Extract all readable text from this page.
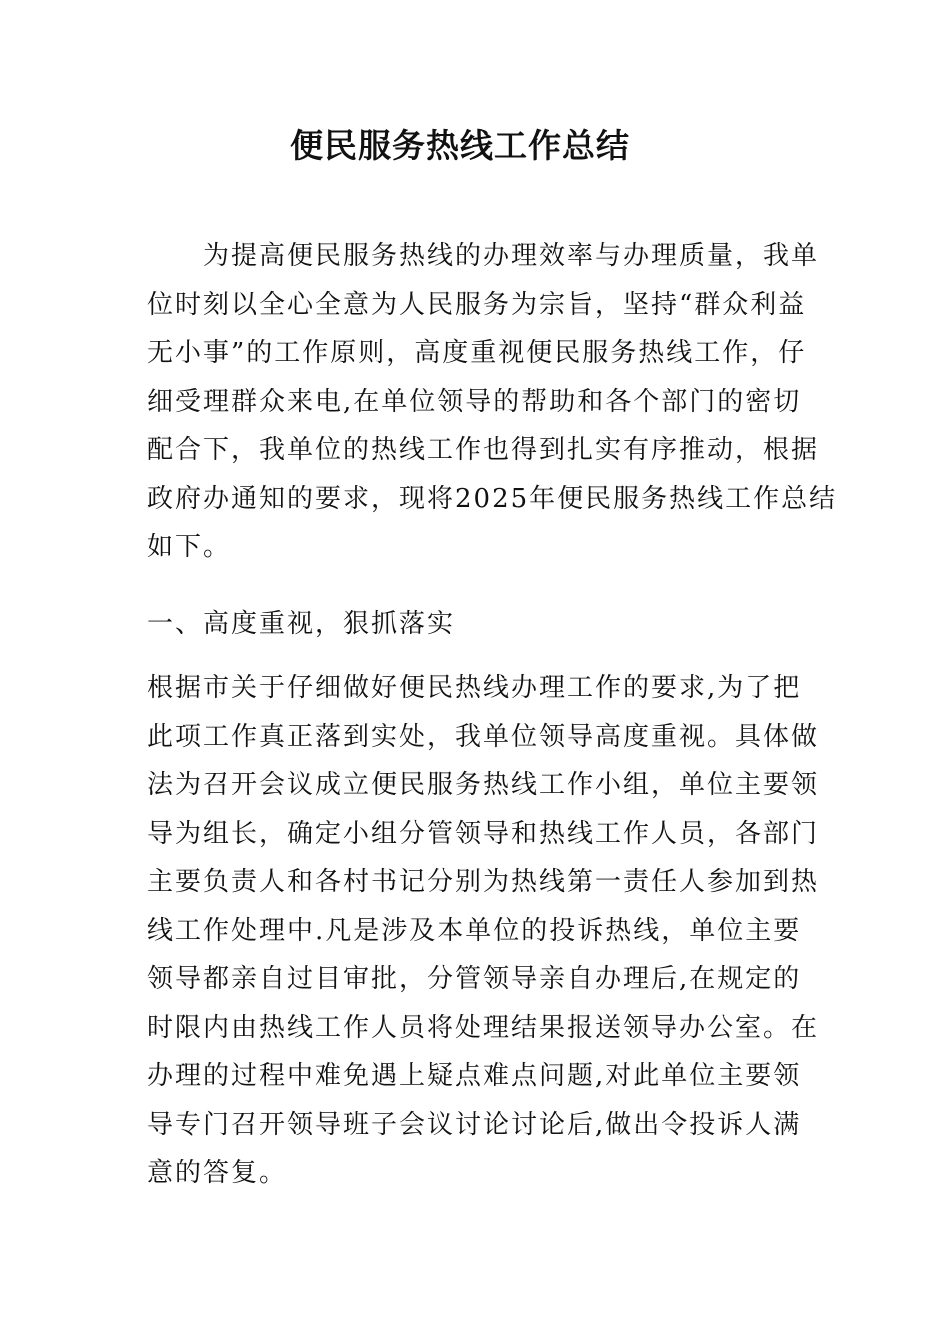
便民服务热线工作总结
　　为提高便民服务热线的办理效率与办理质量，我单
位时刻以全心全意为人民服务为宗旨，坚持“群众利益
无小事”的工作原则，高度重视便民服务热线工作，仔
细受理群众来电,在单位领导的帮助和各个部门的密切
配合下，我单位的热线工作也得到扎实有序推动，根据
政府办通知的要求，现将2025年便民服务热线工作总结
如下。
一、高度重视，狠抓落实
根据市关于仔细做好便民热线办理工作的要求,为了把
此项工作真正落到实处，我单位领导高度重视。具体做
法为召开会议成立便民服务热线工作小组，单位主要领
导为组长，确定小组分管领导和热线工作人员，各部门
主要负责人和各村书记分别为热线第一责任人参加到热
线工作处理中.凡是涉及本单位的投诉热线，单位主要
领导都亲自过目审批，分管领导亲自办理后,在规定的
时限内由热线工作人员将处理结果报送领导办公室。在
办理的过程中难免遇上疑点难点问题,对此单位主要领
导专门召开领导班子会议讨论讨论后,做出令投诉人满
意的答复。
